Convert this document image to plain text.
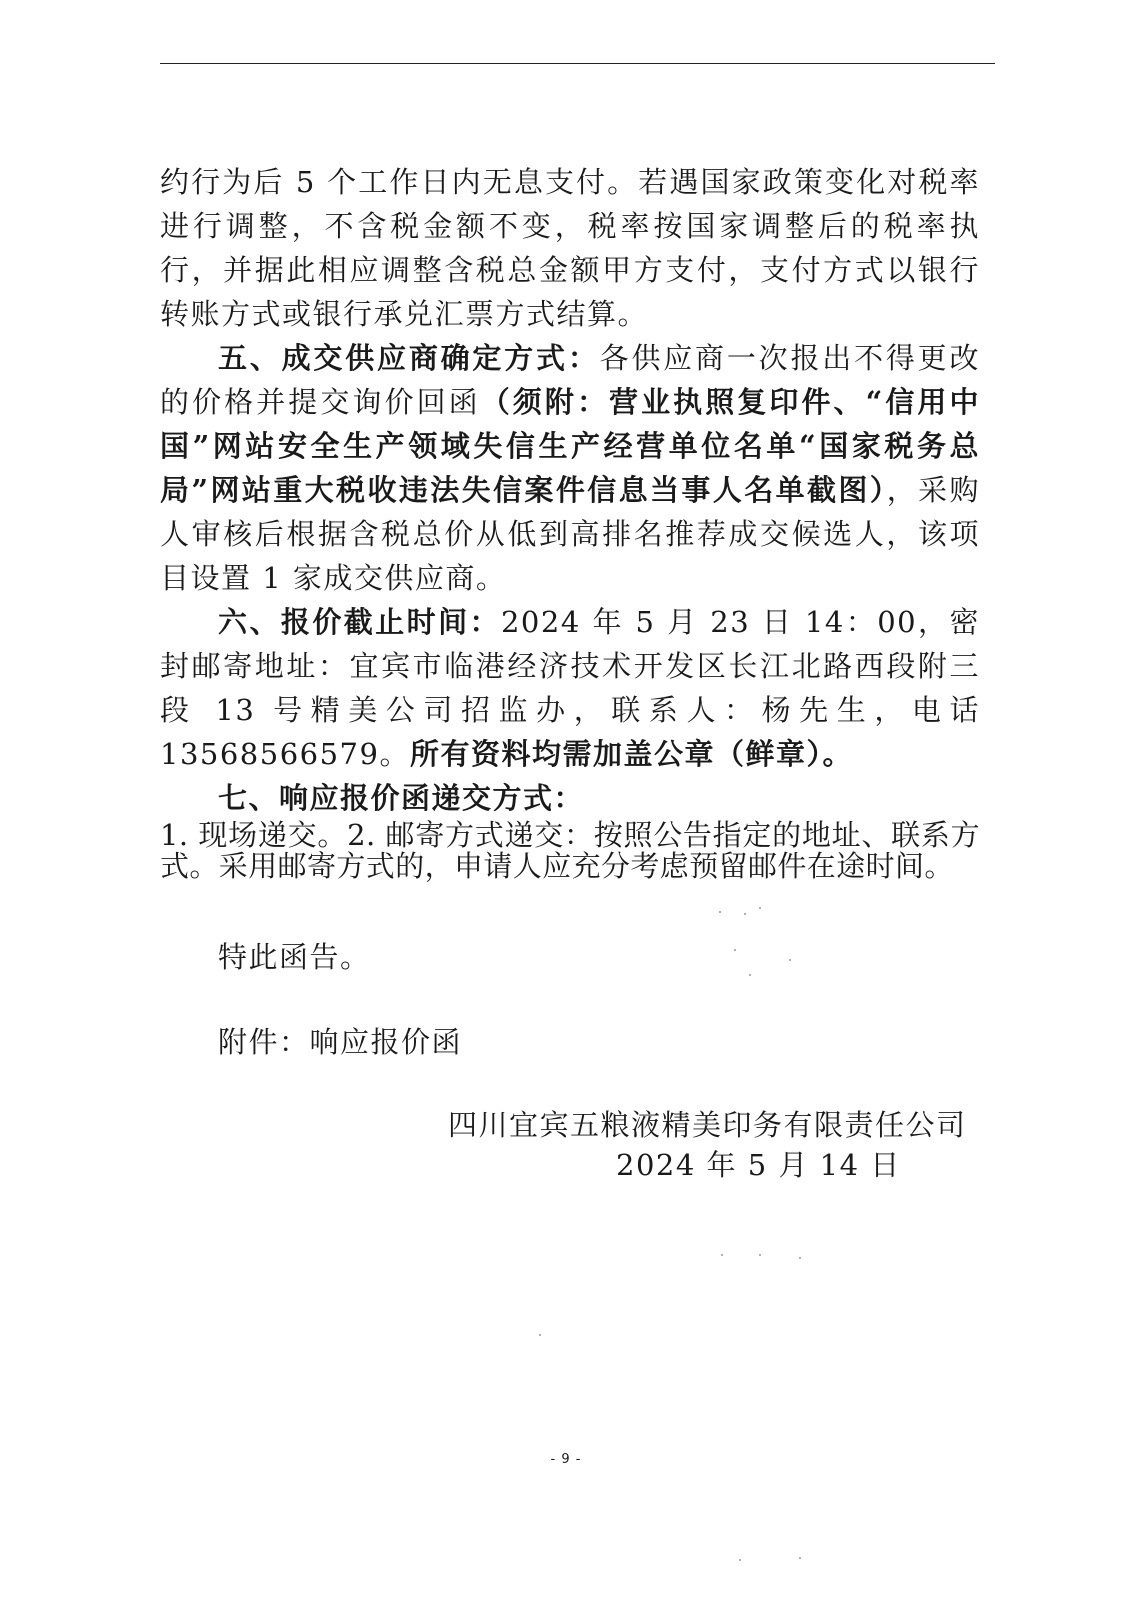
约行为后 5 个工作日内无息支付。若遇国家政策变化对税率进行调整，不含税金额不变，税率按国家调整后的税率执行，并据此相应调整含税总金额甲方支付，支付方式以银行转账方式或银行承兑汇票方式结算。

五、成交供应商确定方式：各供应商一次报出不得更改的价格并提交询价回函（须附：营业执照复印件、“信用中国”网站安全生产领域失信生产经营单位名单“国家税务总局”网站重大税收违法失信案件信息当事人名单截图），采购人审核后根据含税总价从低到高排名推荐成交候选人，该项目设置 1 家成交供应商。

六、报价截止时间：2024 年 5 月 23 日 14：00，密封邮寄地址：宜宾市临港经济技术开发区长江北路西段附三段 13 号精美公司招监办，联系人：杨先生，电话 13568566579。所有资料均需加盖公章（鲜章）。

七、响应报价函递交方式：

1. 现场递交。2. 邮寄方式递交：按照公告指定的地址、联系方式。采用邮寄方式的，申请人应充分考虑预留邮件在途时间。

特此函告。
附件：响应报价函
四川宜宾五粮液精美印务有限责任公司
2024 年 5 月 14 日
- 9 -
